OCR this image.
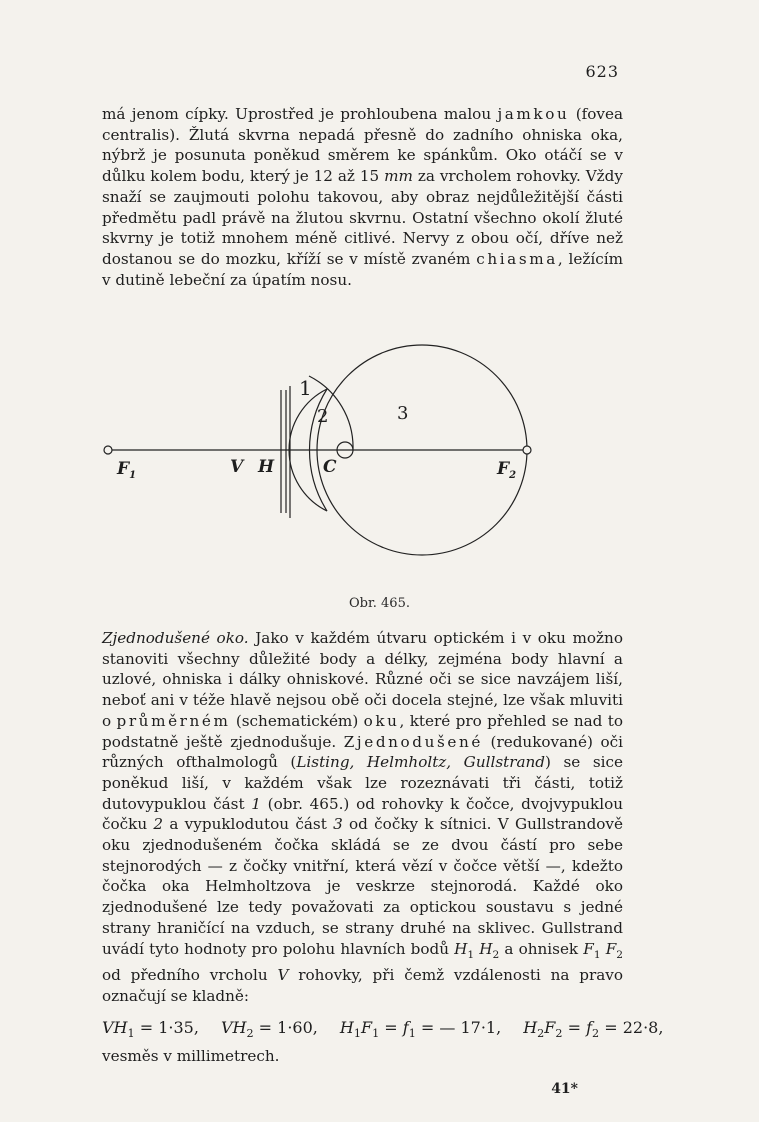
623

má jenom cípky. Uprostřed je prohloubena malou jamkou (fovea centralis). Žlutá skvrna nepadá přesně do zadního ohniska oka, nýbrž je posunuta poněkud směrem ke spánkům. Oko otáčí se v důlku kolem bodu, který je 12 až 15 mm za vrcholem rohovky. Vždy snaží se zaujmouti polohu takovou, aby obraz nejdůležitější části předmětu padl právě na žlutou skvrnu. Ostatní všechno okolí žluté skvrny je totiž mnohem méně citlivé. Nervy z obou očí, dříve než dostanou se do mozku, kříží se v místě zvaném chiasma, ležícím v dutině lebeční za úpatím nosu.

1
2	3
$F_1$	V H	C	$F_2$
Obr. 465.

Zjednodušené oko. Jako v každém útvaru optickém i v oku možno stanoviti všechny důležité body a délky, zejména body hlavní a uzlové, ohniska i dálky ohniskové. Různé oči se sice navzájem liší, neboť ani v téže hlavě nejsou obě oči docela stejné, lze však mluviti o průměrném (schematickém) oku, které pro přehled se nad to podstatně ještě zjednodušuje. Zjednodušené (redukované) oči různých ofthalmologů (Listing, Helmholtz, Gullstrand) se sice poněkud liší, v každém však lze rozeznávati tři části, totiž dutovypuklou část 1 (obr. 465.) od rohovky k čočce, dvojvypuklou čočku 2 a vypuklodutou část 3 od čočky k sítnici. V Gullstrandově oku zjednodušeném čočka skládá se ze dvou částí pro sebe stejnorodých — z čočky vnitřní, která vězí v čočce větší —, kdežto čočka oka Helmholtzova je veskrze stejnorodá. Každé oko zjednodušené lze tedy považovati za optickou soustavu s jedné strany hraničící na vzduch, se strany druhé na sklivec. Gullstrand uvádí tyto hodnoty pro polohu hlavních bodů $H_1$ $H_2$ a ohnisek $F_1$ $F_2$ od předního vrcholu V rohovky, při čemž vzdálenosti na pravo označují se kladně:

$VH_1 = 1\cdot 35$, $VH_2 = 1\cdot 60$, $H_1F_1 = f_1$ = — 17·1, $H_2F_2 = f_2 = 22\cdot 8$,
vesměs v millimetrech.
41*
